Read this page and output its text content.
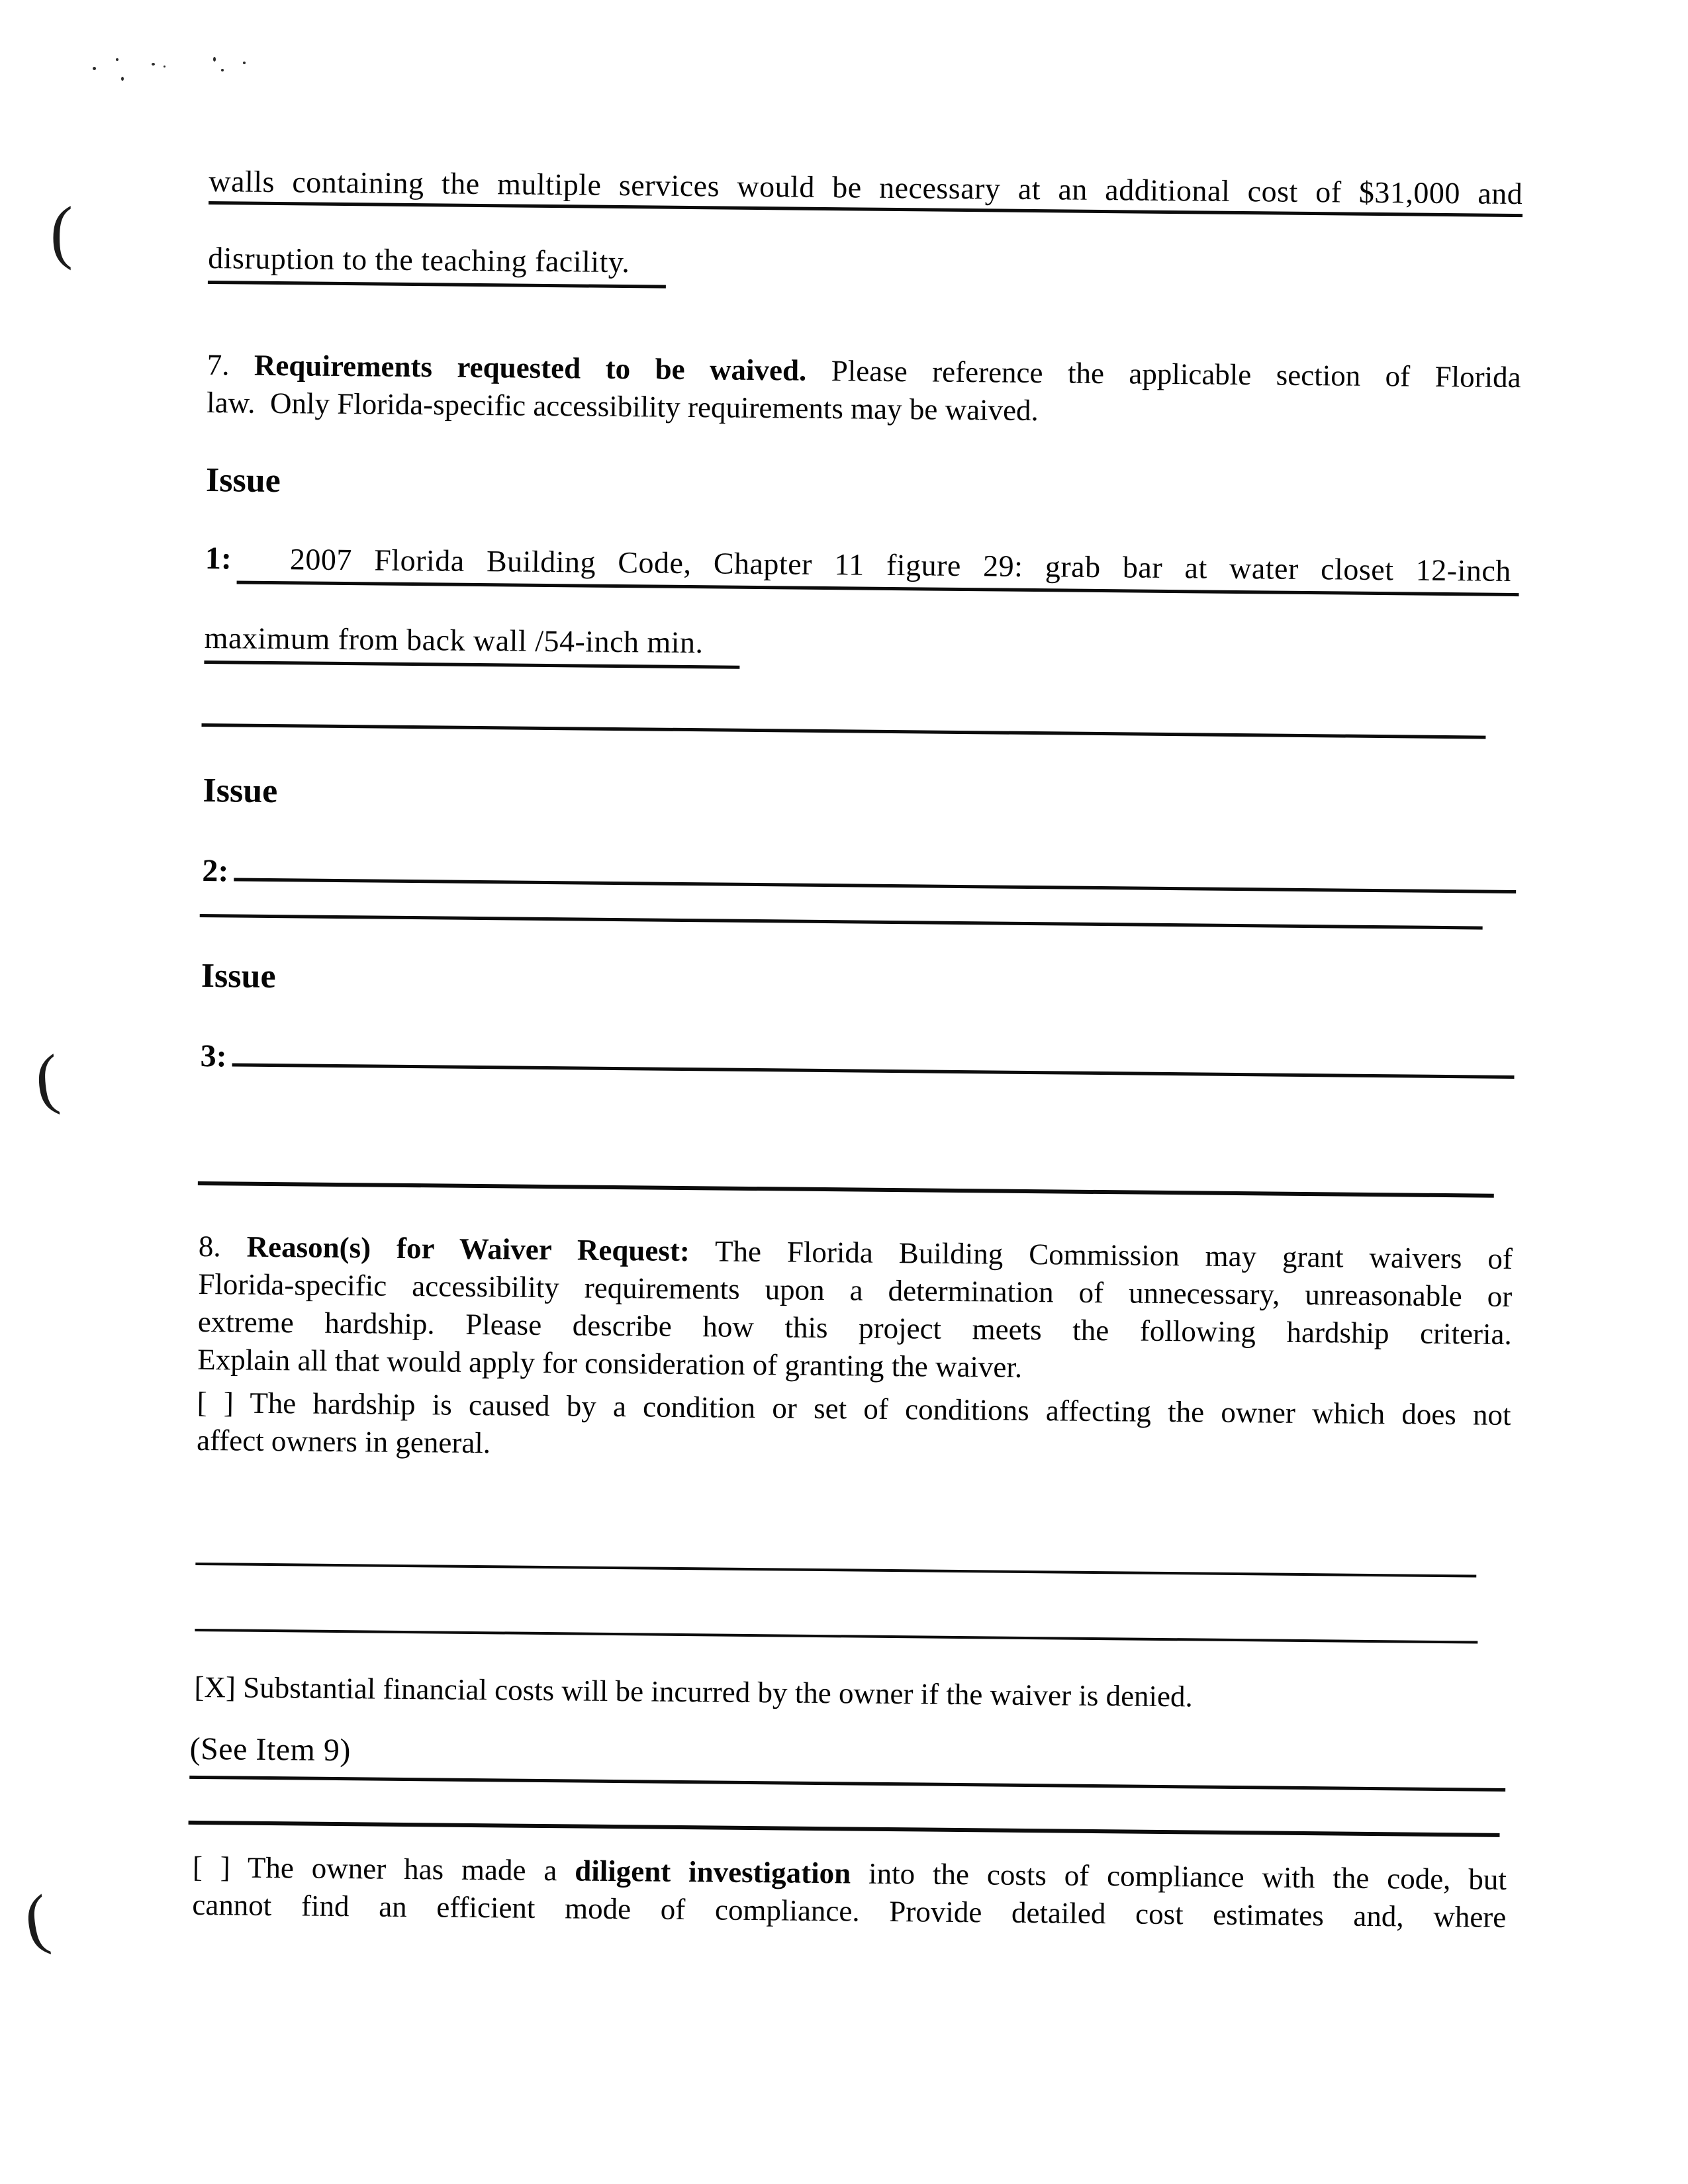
(
(
(
walls containing the multiple services would be necessary at an additional cost of $31,000 and
disruption to the teaching facility.
7. Requirements requested to be waived. Please reference the applicable section of Florida
law.  Only Florida-specific accessibility requirements may be waived.
Issue
1:	2007 Florida Building Code, Chapter 11 figure 29: grab bar at water closet 12-inch
maximum from back wall /54-inch min.
Issue
2:
Issue
3:
8. Reason(s) for Waiver Request: The Florida Building Commission may grant waivers of
Florida-specific accessibility requirements upon a determination of unnecessary, unreasonable or
extreme hardship. Please describe how this project meets the following hardship criteria.
Explain all that would apply for consideration of granting the waiver.
[ ] The hardship is caused by a condition or set of conditions affecting the owner which does not
affect owners in general.
[X] Substantial financial costs will be incurred by the owner if the waiver is denied.
(See Item 9)
[ ] The owner has made a diligent investigation into the costs of compliance with the code, but
cannot find an efficient mode of compliance. Provide detailed cost estimates and, where
